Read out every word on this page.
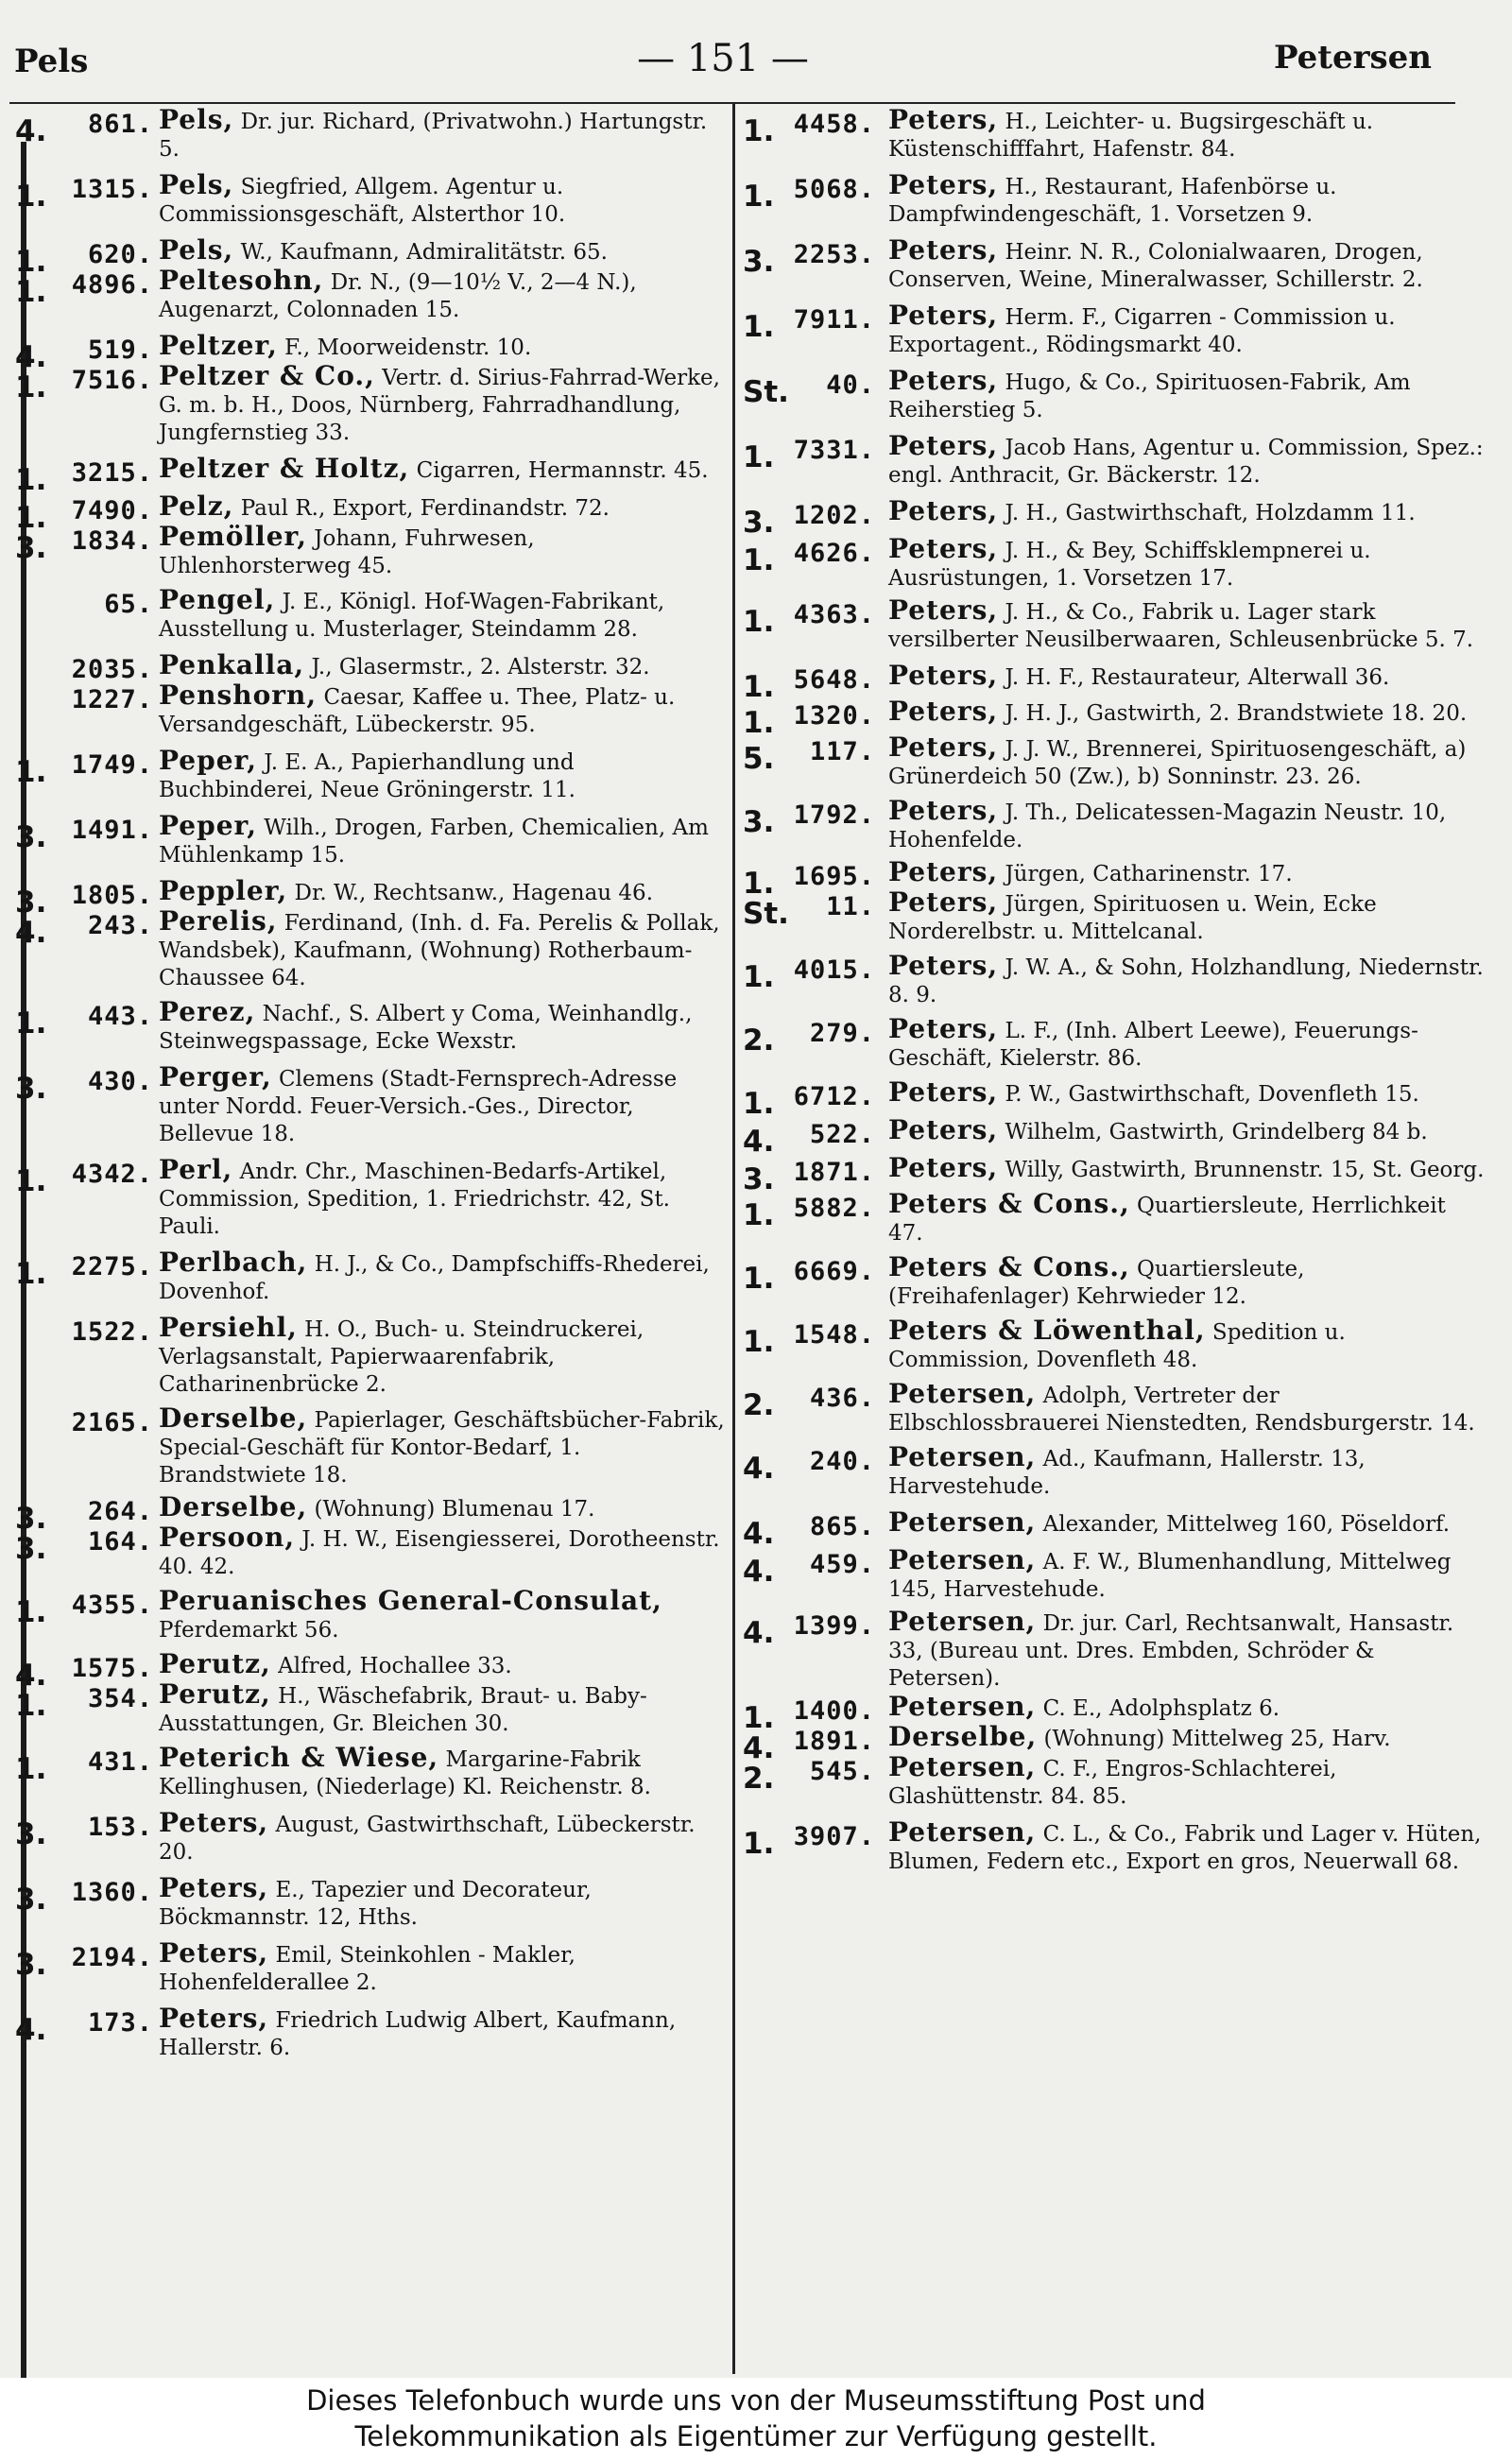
Pels	— 151 —	Petersen
4.	861. Pels, Dr. jur. Richard, (Privatwohn.) Hartungstr. 5.
1. 1315. Pels, Siegfried, Allgem. Agentur u. Commissionsgeschäft, Alsterthor 10.
1.	620. Pels, W., Kaufmann, Admiralitätstr. 65.
1. 4896. Peltesohn, Dr. N., (9—10½ V., 2—4 N.), Augenarzt, Colonnaden 15.
4.	519. Peltzer, F., Moorweidenstr. 10.
1. 7516. Peltzer & Co., Vertr. d. Sirius-Fahrrad-Werke, G. m. b. H., Doos, Nürnberg, Fahrradhandlung, Jungfernstieg 33.
1. 3215. Peltzer & Holtz, Cigarren, Hermannstr. 45.
1. 7490. Pelz, Paul R., Export, Ferdinandstr. 72.
3. 1834. Pemöller, Johann, Fuhrwesen, Uhlenhorsterweg 45.
65. Pengel, J. E., Königl. Hof-Wagen-Fabrikant, Ausstellung u. Musterlager, Steindamm 28.
2035. Penkalla, J., Glasermstr., 2. Alsterstr. 32.
1227. Penshorn, Caesar, Kaffee u. Thee, Platz- u. Versandgeschäft, Lübeckerstr. 95.
1. 1749. Peper, J. E. A., Papierhandlung und Buchbinderei, Neue Gröningerstr. 11.
3. 1491. Peper, Wilh., Drogen, Farben, Chemicalien, Am Mühlenkamp 15.
3. 1805. Peppler, Dr. W., Rechtsanw., Hagenau 46.
4.	243. Perelis, Ferdinand, (Inh. d. Fa. Perelis & Pollak, Wandsbek), Kaufmann, (Wohnung) Rotherbaum-Chaussee 64.
1.	443. Perez, Nachf., S. Albert y Coma, Weinhandlg., Steinwegspassage, Ecke Wexstr.
3.	430. Perger, Clemens (Stadt-Fernsprech-Adresse unter Nordd. Feuer-Versich.-Ges., Director, Bellevue 18.
1. 4342. Perl, Andr. Chr., Maschinen-Bedarfs-Artikel, Commission, Spedition, 1. Friedrichstr. 42, St. Pauli.
1. 2275. Perlbach, H. J., & Co., Dampfschiffs-Rhederei, Dovenhof.
1522. Persiehl, H. O., Buch- u. Steindruckerei, Verlagsanstalt, Papierwaarenfabrik, Catharinenbrücke 2.
2165. Derselbe, Papierlager, Geschäftsbücher-Fabrik, Special-Geschäft für Kontor-Bedarf, 1. Brandstwiete 18.
3.	264. Derselbe, (Wohnung) Blumenau 17.
3.	164. Persoon, J. H. W., Eisengiesserei, Dorotheenstr. 40. 42.
1. 4355. Peruanisches General-Consulat, Pferdemarkt 56.
4. 1575. Perutz, Alfred, Hochallee 33.
1.	354. Perutz, H., Wäschefabrik, Braut- u. Baby-Ausstattungen, Gr. Bleichen 30.
1.	431. Peterich & Wiese, Margarine-Fabrik Kellinghusen, (Niederlage) Kl. Reichenstr. 8.
3.	153. Peters, August, Gastwirthschaft, Lübeckerstr. 20.
3. 1360. Peters, E., Tapezier und Decorateur, Böckmannstr. 12, Hths.
3. 2194. Peters, Emil, Steinkohlen - Makler, Hohenfelderallee 2.
4.	173. Peters, Friedrich Ludwig Albert, Kaufmann, Hallerstr. 6.
1. 4458. Peters, H., Leichter- u. Bugsirgeschäft u. Küstenschifffahrt, Hafenstr. 84.
1. 5068. Peters, H., Restaurant, Hafenbörse u. Dampfwindengeschäft, 1. Vorsetzen 9.
3. 2253. Peters, Heinr. N. R., Colonialwaaren, Drogen, Conserven, Weine, Mineralwasser, Schillerstr. 2.
1. 7911. Peters, Herm. F., Cigarren - Commission u. Exportagent., Rödingsmarkt 40.
St.	40. Peters, Hugo, & Co., Spirituosen-Fabrik, Am Reiherstieg 5.
1. 7331. Peters, Jacob Hans, Agentur u. Commission, Spez.: engl. Anthracit, Gr. Bäckerstr. 12.
3. 1202. Peters, J. H., Gastwirthschaft, Holzdamm 11.
1. 4626. Peters, J. H., & Bey, Schiffsklempnerei u. Ausrüstungen, 1. Vorsetzen 17.
1. 4363. Peters, J. H., & Co., Fabrik u. Lager stark versilberter Neusilberwaaren, Schleusenbrücke 5. 7.
1. 5648. Peters, J. H. F., Restaurateur, Alterwall 36.
1. 1320. Peters, J. H. J., Gastwirth, 2. Brandstwiete 18. 20.
5.	117. Peters, J. J. W., Brennerei, Spirituosengeschäft, a) Grünerdeich 50 (Zw.), b) Sonninstr. 23. 26.
3. 1792. Peters, J. Th., Delicatessen-Magazin Neustr. 10, Hohenfelde.
1. 1695. Peters, Jürgen, Catharinenstr. 17.
St.	11. Peters, Jürgen, Spirituosen u. Wein, Ecke Norderelbstr. u. Mittelcanal.
1. 4015. Peters, J. W. A., & Sohn, Holzhandlung, Niedernstr. 8. 9.
2.	279. Peters, L. F., (Inh. Albert Leewe), Feuerungs-Geschäft, Kielerstr. 86.
1. 6712. Peters, P. W., Gastwirthschaft, Dovenfleth 15.
4.	522. Peters, Wilhelm, Gastwirth, Grindelberg 84 b.
3. 1871. Peters, Willy, Gastwirth, Brunnenstr. 15, St. Georg.
1. 5882. Peters & Cons., Quartiersleute, Herrlichkeit 47.
1. 6669. Peters & Cons., Quartiersleute, (Freihafenlager) Kehrwieder 12.
1. 1548. Peters & Löwenthal, Spedition u. Commission, Dovenfleth 48.
2.	436. Petersen, Adolph, Vertreter der Elbschlossbrauerei Nienstedten, Rendsburgerstr. 14.
4.	240. Petersen, Ad., Kaufmann, Hallerstr. 13, Harvestehude.
4.	865. Petersen, Alexander, Mittelweg 160, Pöseldorf.
4.	459. Petersen, A. F. W., Blumenhandlung, Mittelweg 145, Harvestehude.
4. 1399. Petersen, Dr. jur. Carl, Rechtsanwalt, Hansastr. 33, (Bureau unt. Dres. Embden, Schröder & Petersen).
1. 1400. Petersen, C. E., Adolphsplatz 6.
4. 1891. Derselbe, (Wohnung) Mittelweg 25, Harv.
2.	545. Petersen, C. F., Engros-Schlachterei, Glashüttenstr. 84. 85.
1. 3907. Petersen, C. L., & Co., Fabrik und Lager v. Hüten, Blumen, Federn etc., Export en gros, Neuerwall 68.
Dieses Telefonbuch wurde uns von der Museumsstiftung Post und
Telekommunikation als Eigentümer zur Verfügung gestellt.
